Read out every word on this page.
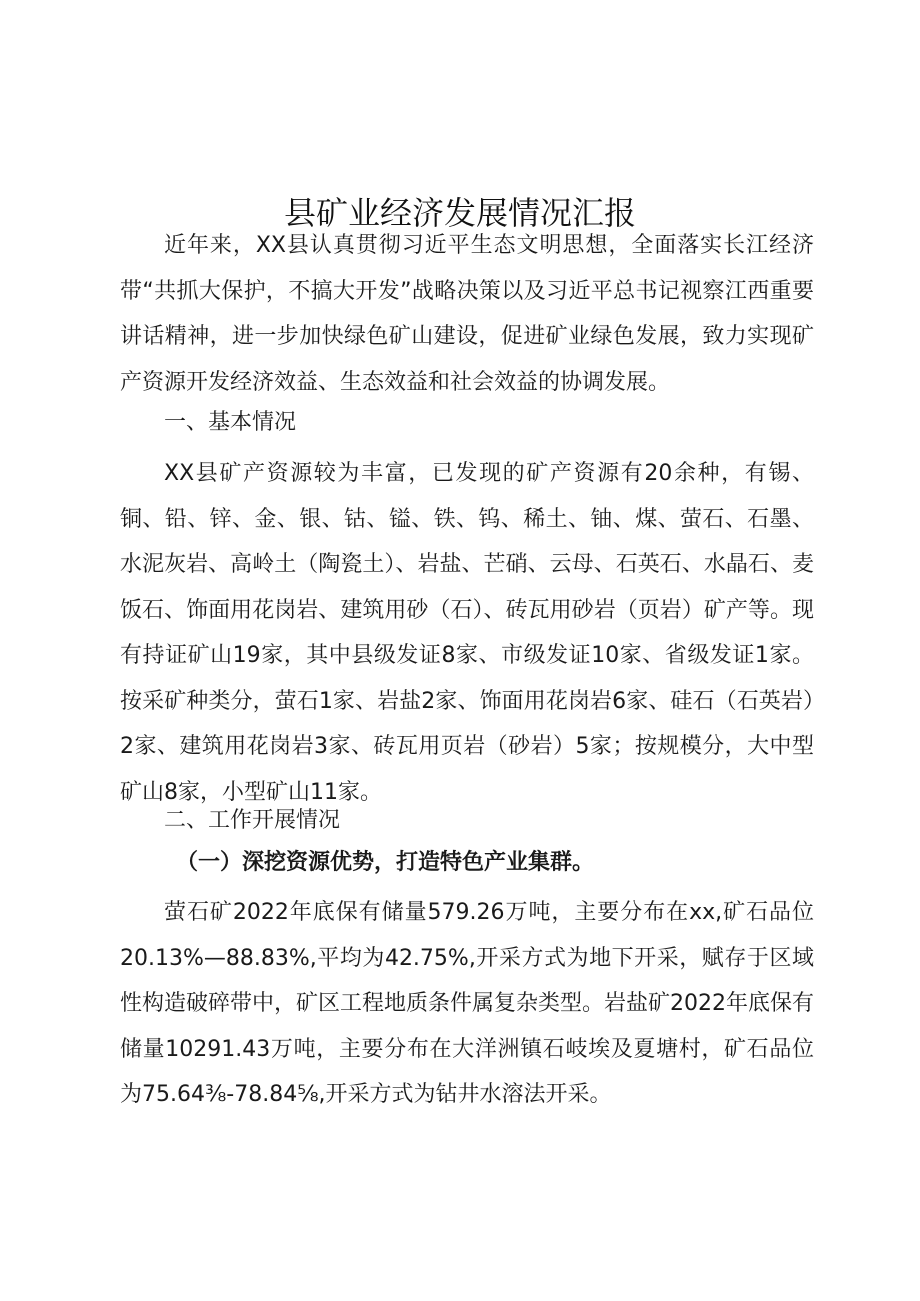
县矿业经济发展情况汇报

近年来，XX县认真贯彻习近平生态文明思想，全面落实长江经济带“共抓大保护，不搞大开发”战略决策以及习近平总书记视察江西重要讲话精神，进一步加快绿色矿山建设，促进矿业绿色发展，致力实现矿产资源开发经济效益、生态效益和社会效益的协调发展。

一、基本情况

XX县矿产资源较为丰富，已发现的矿产资源有20余种，有锡、铜、铅、锌、金、银、钴、镒、铁、钨、稀土、铀、煤、萤石、石墨、水泥灰岩、高岭土（陶瓷土）、岩盐、芒硝、云母、石英石、水晶石、麦饭石、饰面用花岗岩、建筑用砂（石）、砖瓦用砂岩（页岩）矿产等。现有持证矿山19家，其中县级发证8家、市级发证10家、省级发证1家。按采矿种类分，萤石1家、岩盐2家、饰面用花岗岩6家、硅石（石英岩）2家、建筑用花岗岩3家、砖瓦用页岩（砂岩）5家；按规模分，大中型矿山8家，小型矿山11家。

二、工作开展情况
（一）深挖资源优势，打造特色产业集群。

萤石矿2022年底保有储量579.26万吨，主要分布在xx,矿石品位20.13%—88.83%,平均为42.75%,开采方式为地下开采，赋存于区域性构造破碎带中，矿区工程地质条件属复杂类型。岩盐矿2022年底保有储量10291.43万吨，主要分布在大洋洲镇石岐埃及夏塘村，矿石品位为75.64⅜-78.84⅝,开采方式为钻井水溶法开采。
